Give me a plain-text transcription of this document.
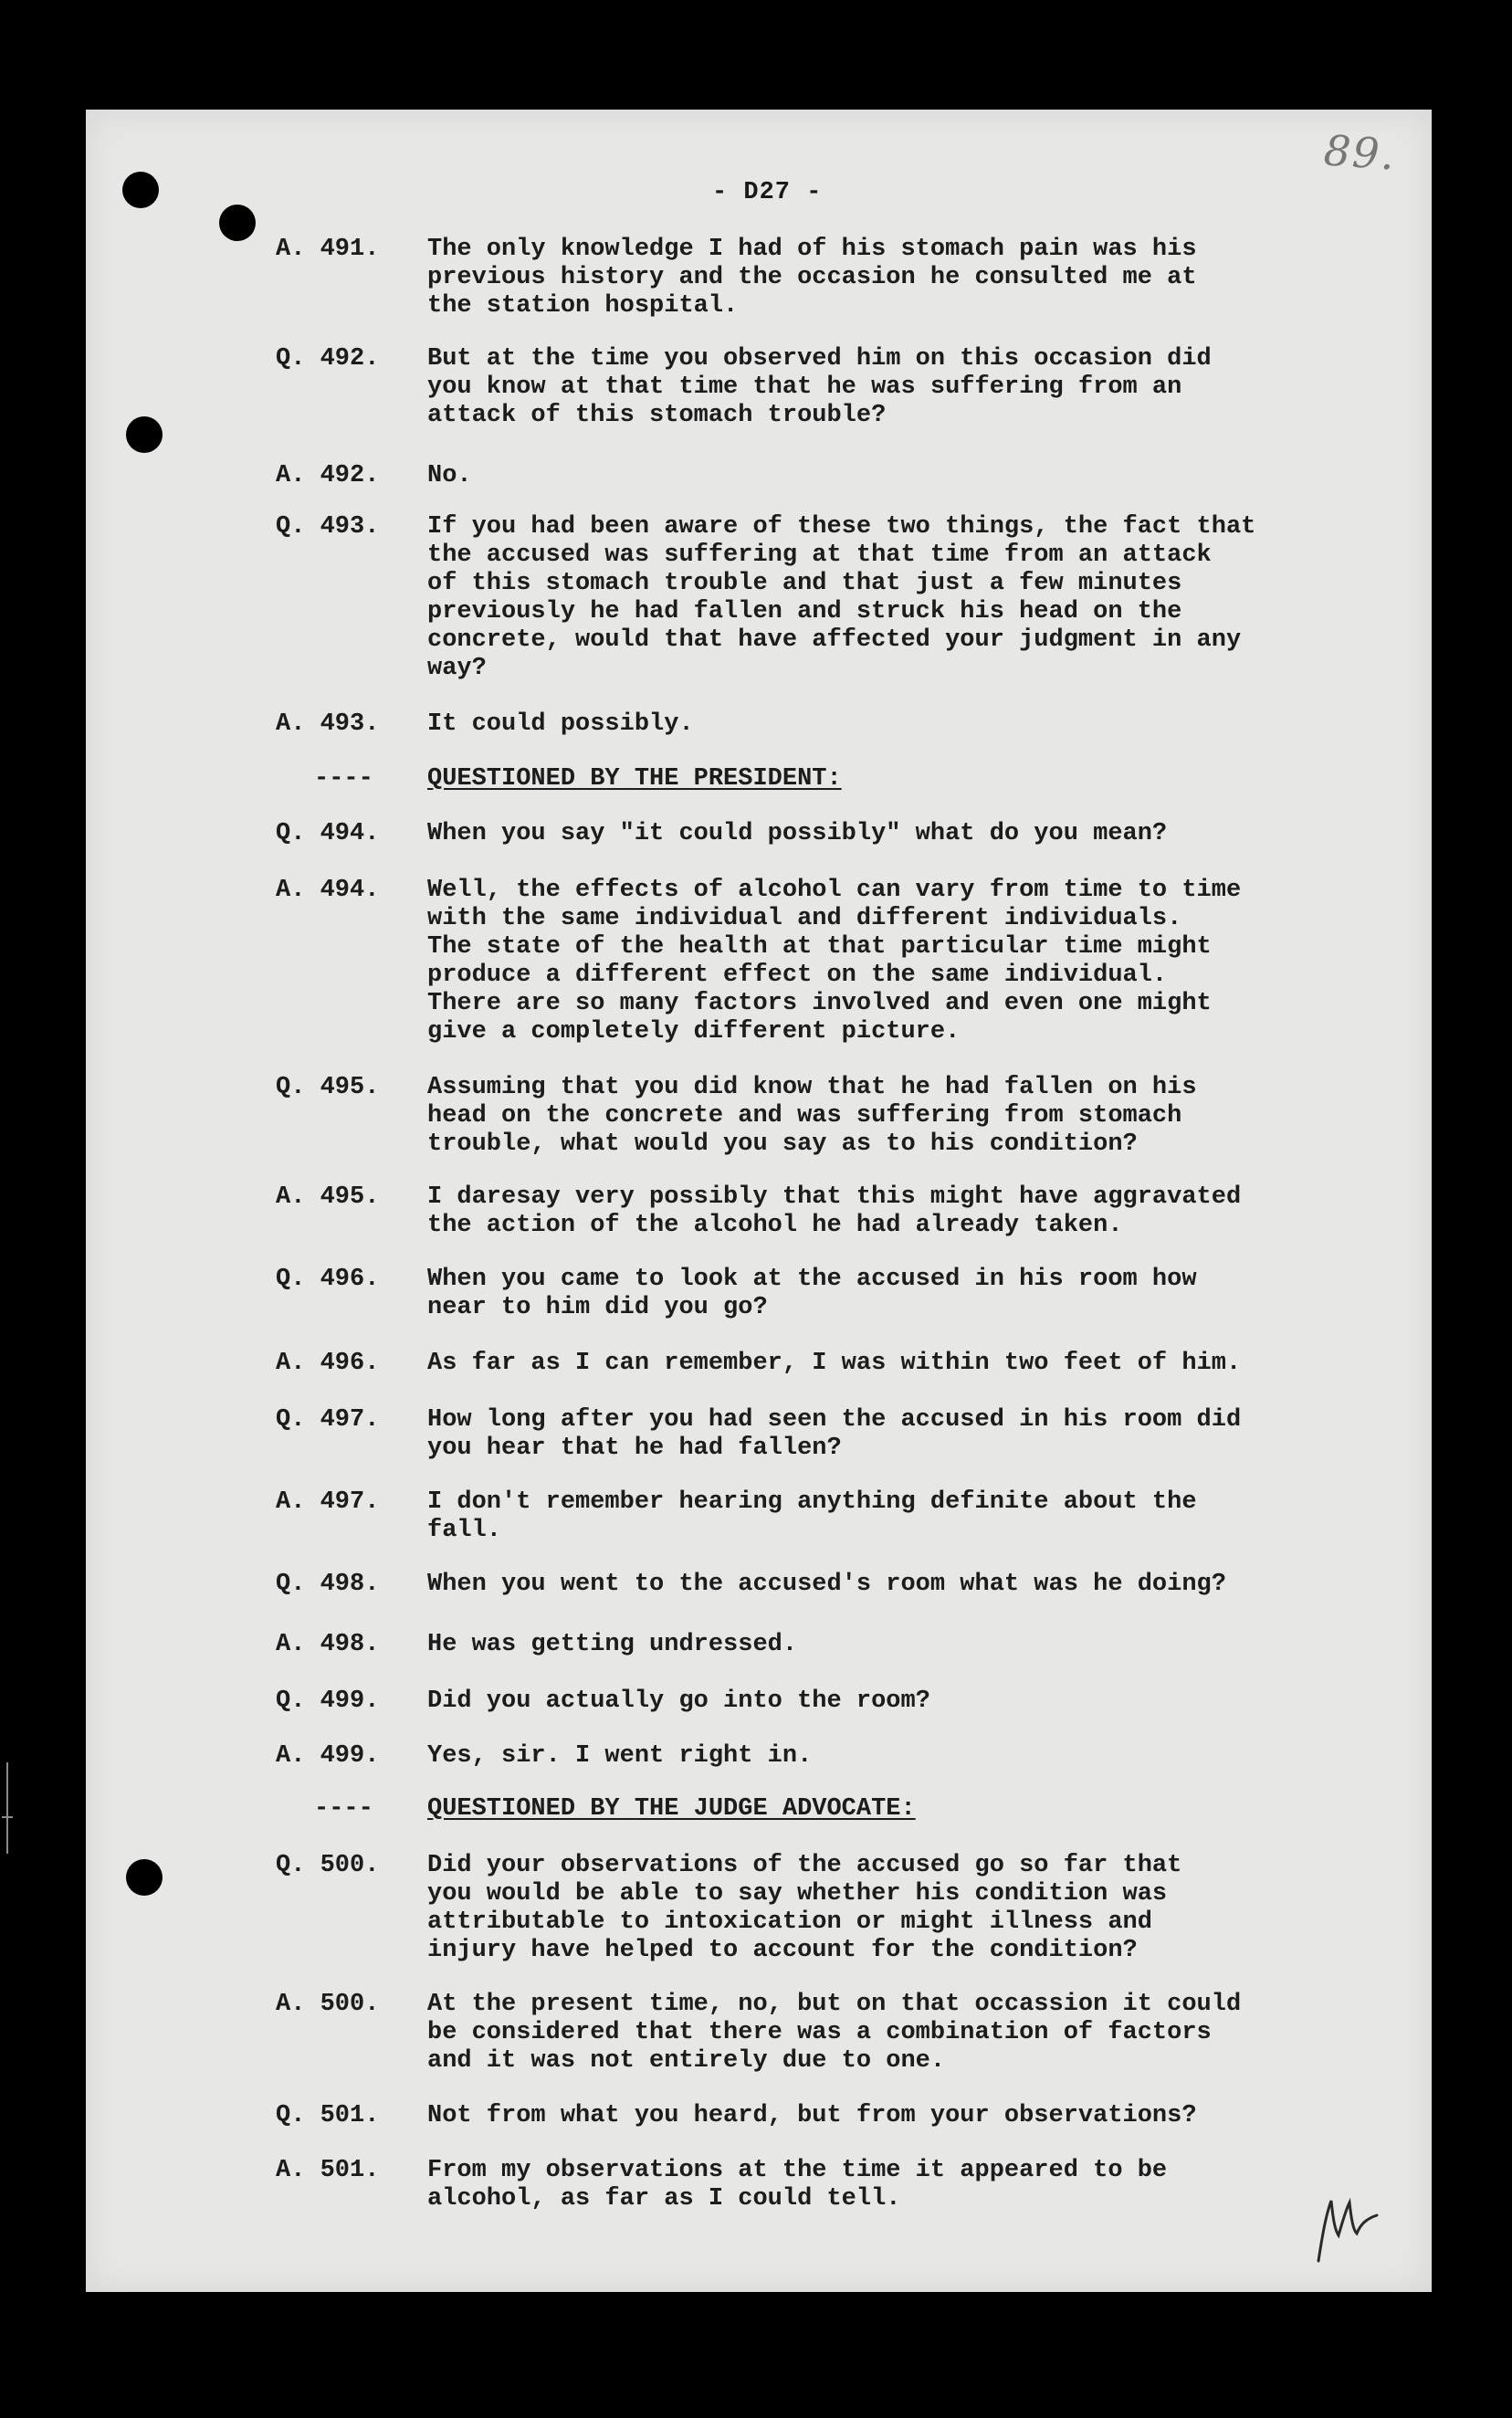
89.
- D27 -
A. 491. The only knowledge I had of his stomach pain was his
previous history and the occasion he consulted me at
the station hospital.
Q. 492. But at the time you observed him on this occasion did
you know at that time that he was suffering from an
attack of this stomach trouble?
A. 492. No.
Q. 493. If you had been aware of these two things, the fact that
the accused was suffering at that time from an attack
of this stomach trouble and that just a few minutes
previously he had fallen and struck his head on the
concrete, would that have affected your judgment in any
way?
A. 493. It could possibly.
---- QUESTIONED BY THE PRESIDENT:
Q. 494. When you say "it could possibly" what do you mean?
A. 494. Well, the effects of alcohol can vary from time to time
with the same individual and different individuals.
The state of the health at that particular time might
produce a different effect on the same individual.
There are so many factors involved and even one might
give a completely different picture.
Q. 495. Assuming that you did know that he had fallen on his
head on the concrete and was suffering from stomach
trouble, what would you say as to his condition?
A. 495. I daresay very possibly that this might have aggravated
the action of the alcohol he had already taken.
Q. 496. When you came to look at the accused in his room how
near to him did you go?
A. 496. As far as I can remember, I was within two feet of him.
Q. 497. How long after you had seen the accused in his room did
you hear that he had fallen?
A. 497. I don't remember hearing anything definite about the
fall.
Q. 498. When you went to the accused's room what was he doing?
A. 498. He was getting undressed.
Q. 499. Did you actually go into the room?
A. 499. Yes, sir. I went right in.
---- QUESTIONED BY THE JUDGE ADVOCATE:
Q. 500. Did your observations of the accused go so far that
you would be able to say whether his condition was
attributable to intoxication or might illness and
injury have helped to account for the condition?
A. 500. At the present time, no, but on that occassion it could
be considered that there was a combination of factors
and it was not entirely due to one.
Q. 501. Not from what you heard, but from your observations?
A. 501. From my observations at the time it appeared to be
alcohol, as far as I could tell.
